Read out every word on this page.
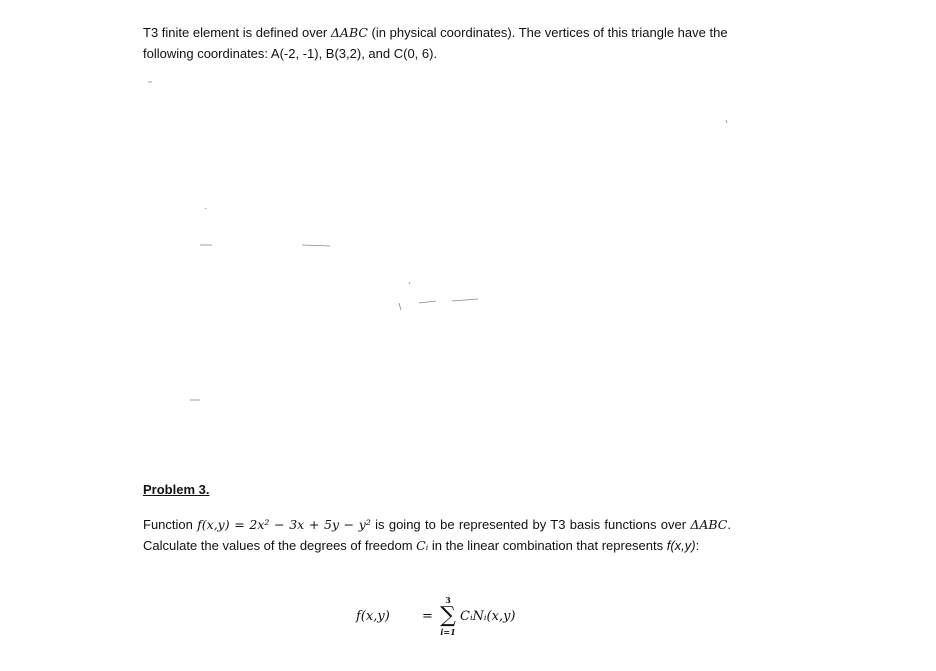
T3 finite element is defined over ΔABC (in physical coordinates). The vertices of this triangle have the following coordinates: A(-2, -1), B(3,2), and C(0, 6).
Problem 3.
Function f(x,y) = 2x² − 3x + 5y − y² is going to be represented by T3 basis functions over ΔABC. Calculate the values of the degrees of freedom Cᵢ in the linear combination that represents f(x,y):
f(x,y) =
3
∑
i=1
CᵢNᵢ(x,y)
